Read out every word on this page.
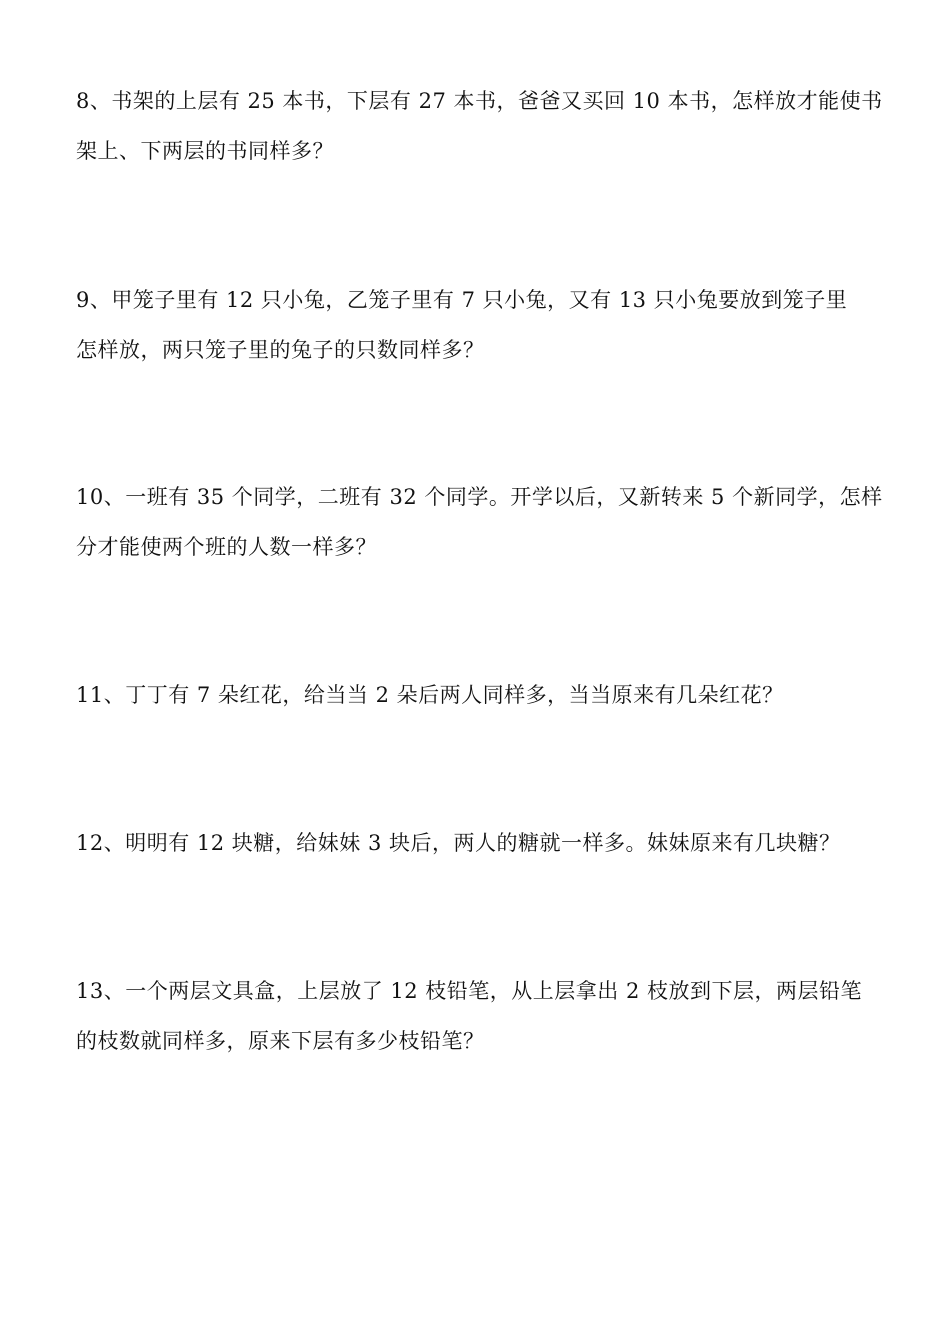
8、书架的上层有 25 本书，下层有 27 本书，爸爸又买回 10 本书，怎样放才能使书
架上、下两层的书同样多？
9、甲笼子里有 12 只小兔，乙笼子里有 7 只小兔，又有 13 只小兔要放到笼子里
怎样放，两只笼子里的兔子的只数同样多？
10、一班有 35 个同学，二班有 32 个同学。开学以后，又新转来 5 个新同学，怎样
分才能使两个班的人数一样多？
11、丁丁有 7 朵红花，给当当 2 朵后两人同样多，当当原来有几朵红花？
12、明明有 12 块糖，给妹妹 3 块后，两人的糖就一样多。妹妹原来有几块糖？
13、一个两层文具盒，上层放了 12 枝铅笔，从上层拿出 2 枝放到下层，两层铅笔
的枝数就同样多，原来下层有多少枝铅笔？
